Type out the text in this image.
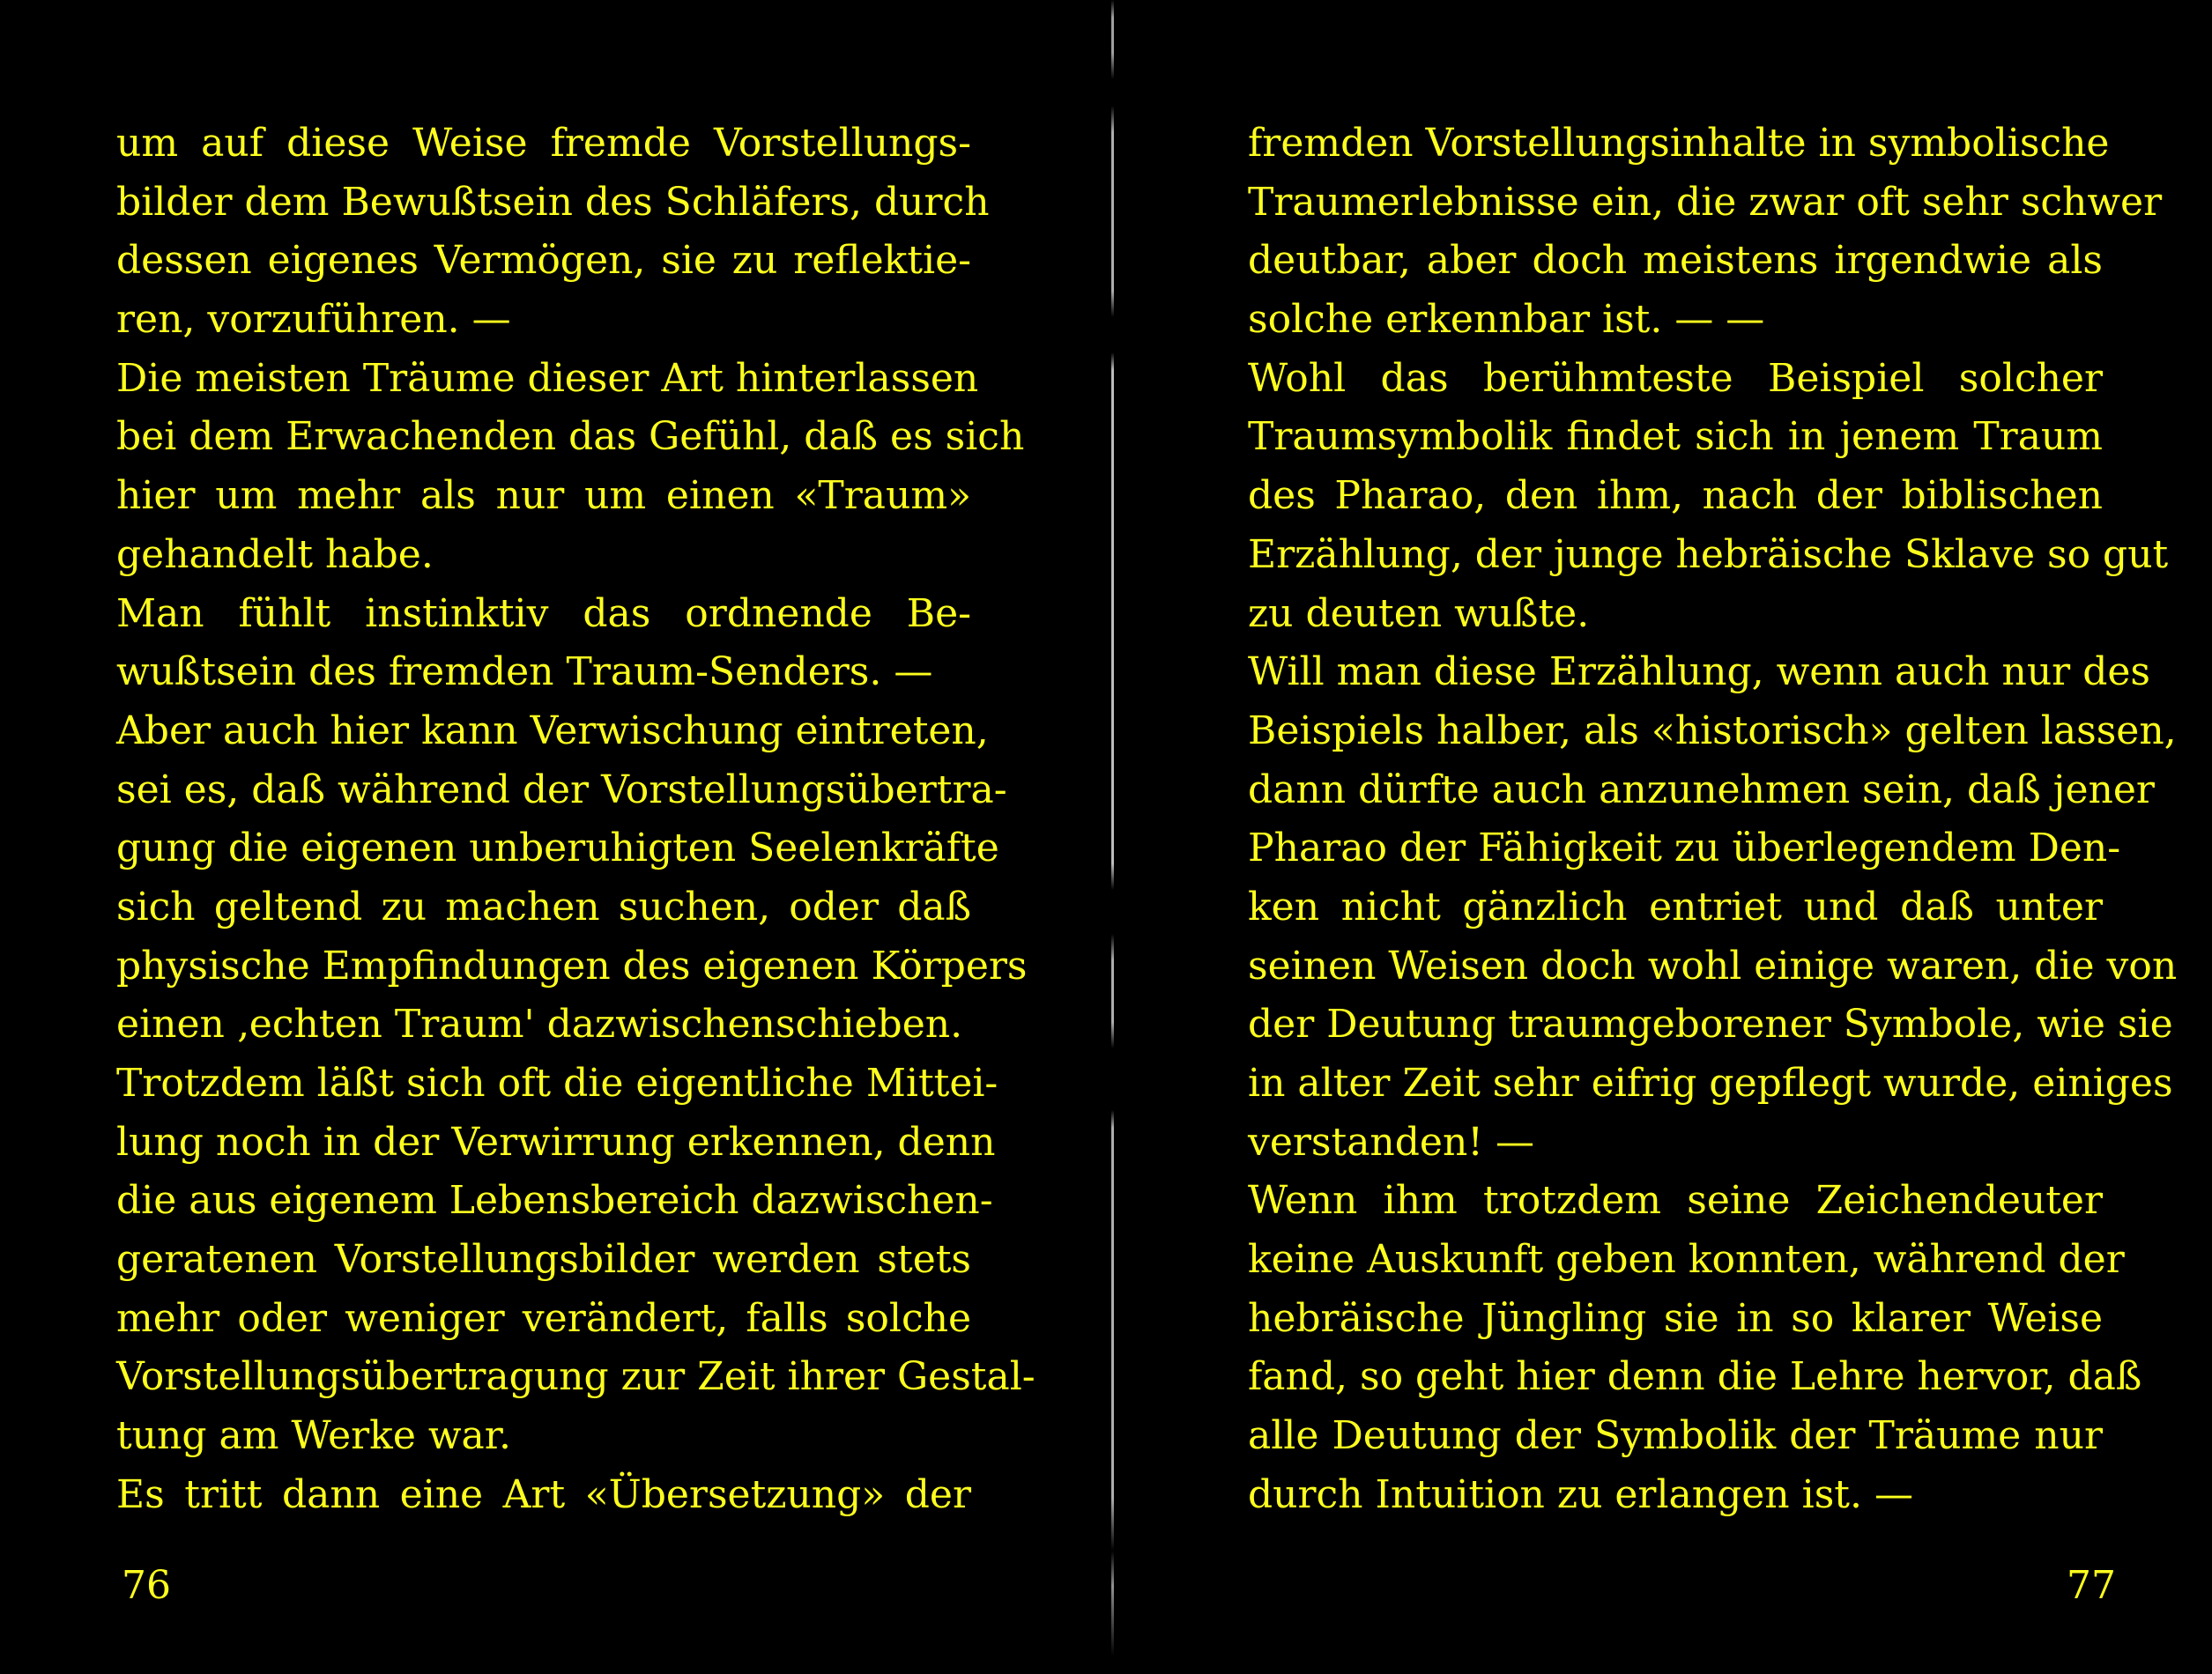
um auf diese Weise fremde Vorstellungs-
bilder dem Bewußtsein des Schläfers, durch
dessen eigenes Vermögen, sie zu reflektie-
ren, vorzuführen. —
Die meisten Träume dieser Art hinterlassen
bei dem Erwachenden das Gefühl, daß es sich
hier um mehr als nur um einen «Traum»
gehandelt habe.
Man fühlt instinktiv das ordnende Be-
wußtsein des fremden Traum-Senders. —
Aber auch hier kann Verwischung eintreten,
sei es, daß während der Vorstellungsübertra-
gung die eigenen unberuhigten Seelenkräfte
sich geltend zu machen suchen, oder daß
physische Empfindungen des eigenen Körpers
einen ‚echten Traum' dazwischenschieben.
Trotzdem läßt sich oft die eigentliche Mittei-
lung noch in der Verwirrung erkennen, denn
die aus eigenem Lebensbereich dazwischen-
geratenen Vorstellungsbilder werden stets
mehr oder weniger verändert, falls solche
Vorstellungsübertragung zur Zeit ihrer Gestal-
tung am Werke war.
Es tritt dann eine Art «Übersetzung» der
fremden Vorstellungsinhalte in symbolische
Traumerlebnisse ein, die zwar oft sehr schwer
deutbar, aber doch meistens irgendwie als
solche erkennbar ist. — —
Wohl das berühmteste Beispiel solcher
Traumsymbolik findet sich in jenem Traum
des Pharao, den ihm, nach der biblischen
Erzählung, der junge hebräische Sklave so gut
zu deuten wußte.
Will man diese Erzählung, wenn auch nur des
Beispiels halber, als «historisch» gelten lassen,
dann dürfte auch anzunehmen sein, daß jener
Pharao der Fähigkeit zu überlegendem Den-
ken nicht gänzlich entriet und daß unter
seinen Weisen doch wohl einige waren, die von
der Deutung traumgeborener Symbole, wie sie
in alter Zeit sehr eifrig gepflegt wurde, einiges
verstanden! —
Wenn ihm trotzdem seine Zeichendeuter
keine Auskunft geben konnten, während der
hebräische Jüngling sie in so klarer Weise
fand, so geht hier denn die Lehre hervor, daß
alle Deutung der Symbolik der Träume nur
durch Intuition zu erlangen ist. —
76	77
